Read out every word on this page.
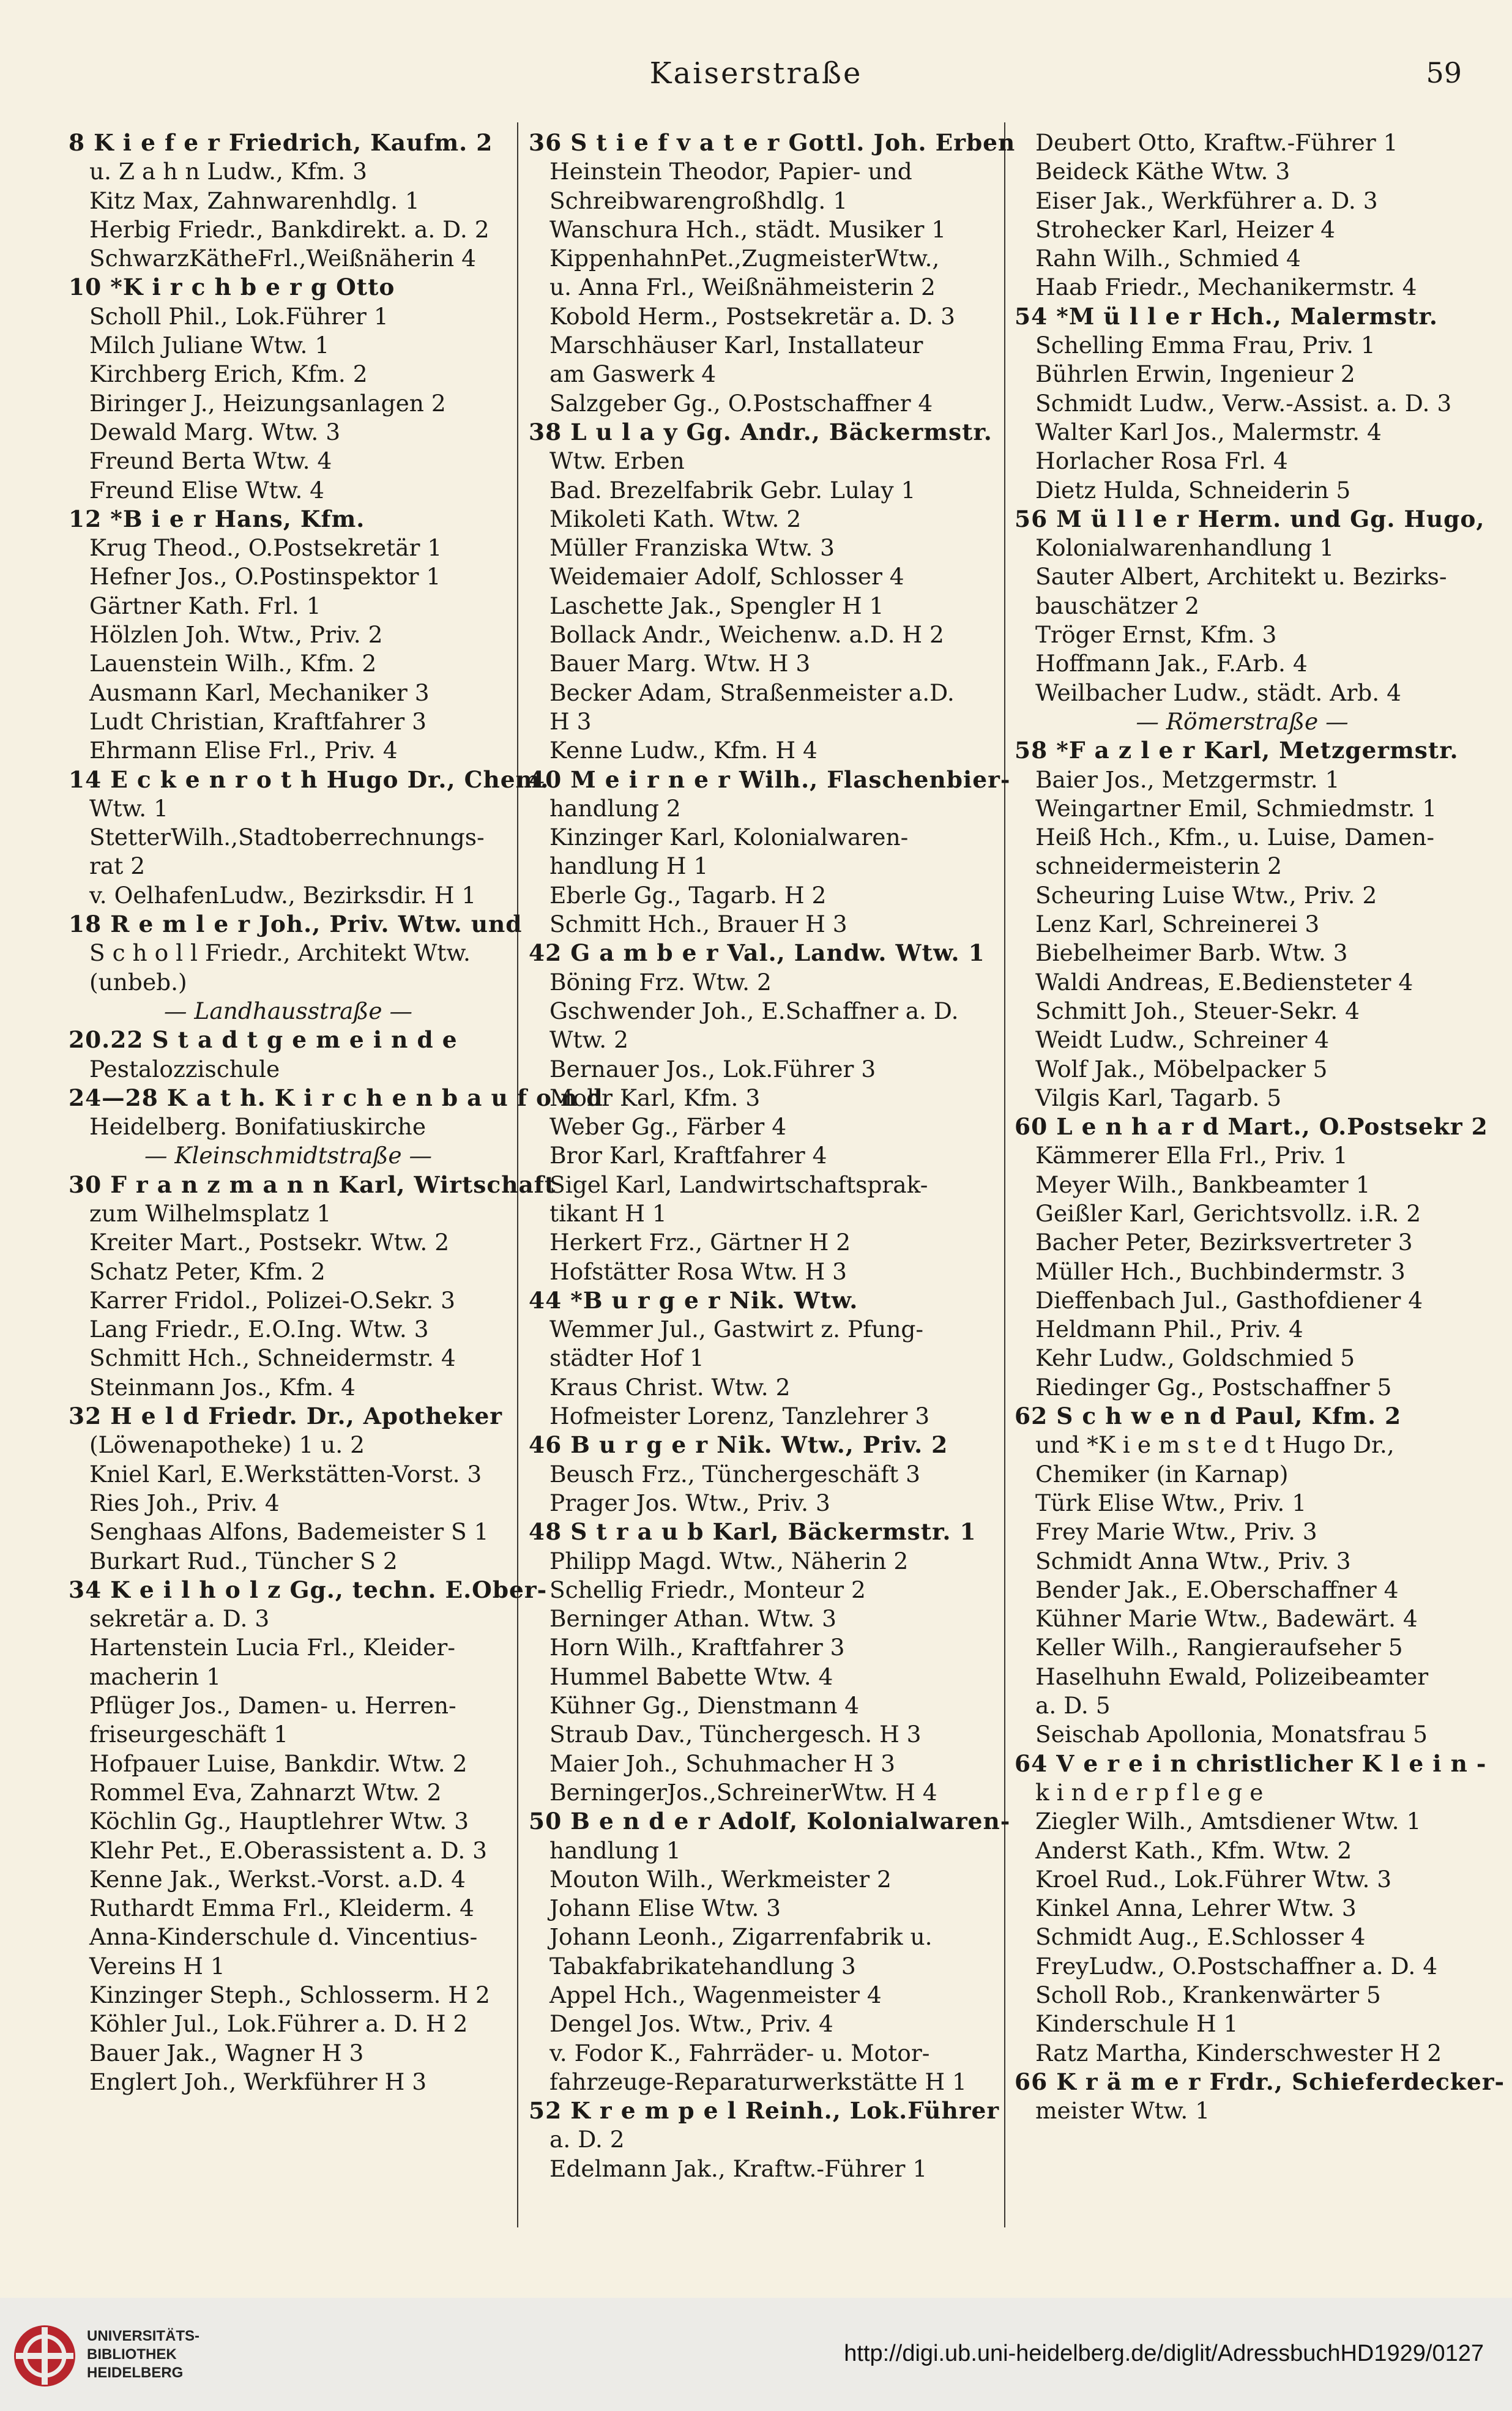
Kaiserstraße	59
8 K i e f e r Friedrich, Kaufm. 2
u. Z a h n Ludw., Kfm. 3
Kitz Max, Zahnwarenhdlg. 1
Herbig Friedr., Bankdirekt. a. D. 2
SchwarzKätheFrl.,Weißnäherin 4
10 *K i r c h b e r g Otto
Scholl Phil., Lok.Führer 1
Milch Juliane Wtw. 1
Kirchberg Erich, Kfm. 2
Biringer J., Heizungsanlagen 2
Dewald Marg. Wtw. 3
Freund Berta Wtw. 4
Freund Elise Wtw. 4
12 *B i e r Hans, Kfm.
Krug Theod., O.Postsekretär 1
Hefner Jos., O.Postinspektor 1
Gärtner Kath. Frl. 1
Hölzlen Joh. Wtw., Priv. 2
Lauenstein Wilh., Kfm. 2
Ausmann Karl, Mechaniker 3
Ludt Christian, Kraftfahrer 3
Ehrmann Elise Frl., Priv. 4
14 E c k e n r o t h Hugo Dr., Chem.
Wtw. 1
StetterWilh.,Stadtoberrechnungs-
rat 2
v. OelhafenLudw., Bezirksdir. H 1
18 R e m l e r Joh., Priv. Wtw. und
S c h o l l Friedr., Architekt Wtw.
(unbeb.)
— Landhausstraße —
20.22 S t a d t g e m e i n d e
Pestalozzischule
24—28 K a t h. K i r c h e n b a u f o n d
Heidelberg. Bonifatiuskirche
— Kleinschmidtstraße —
30 F r a n z m a n n Karl, Wirtschaft
zum Wilhelmsplatz 1
Kreiter Mart., Postsekr. Wtw. 2
Schatz Peter, Kfm. 2
Karrer Fridol., Polizei-O.Sekr. 3
Lang Friedr., E.O.Ing. Wtw. 3
Schmitt Hch., Schneidermstr. 4
Steinmann Jos., Kfm. 4
32 H e l d Friedr. Dr., Apotheker
(Löwenapotheke) 1 u. 2
Kniel Karl, E.Werkstätten-Vorst. 3
Ries Joh., Priv. 4
Senghaas Alfons, Bademeister S 1
Burkart Rud., Tüncher S 2
34 K e i l h o l z Gg., techn. E.Ober-
sekretär a. D. 3
Hartenstein Lucia Frl., Kleider-
macherin 1
Pflüger Jos., Damen- u. Herren-
friseurgeschäft 1
Hofpauer Luise, Bankdir. Wtw. 2
Rommel Eva, Zahnarzt Wtw. 2
Köchlin Gg., Hauptlehrer Wtw. 3
Klehr Pet., E.Oberassistent a. D. 3
Kenne Jak., Werkst.-Vorst. a.D. 4
Ruthardt Emma Frl., Kleiderm. 4
Anna-Kinderschule d. Vincentius-
Vereins H 1
Kinzinger Steph., Schlosserm. H 2
Köhler Jul., Lok.Führer a. D. H 2
Bauer Jak., Wagner H 3
Englert Joh., Werkführer H 3
36 S t i e f v a t e r Gottl. Joh. Erben
Heinstein Theodor, Papier- und
Schreibwarengroßhdlg. 1
Wanschura Hch., städt. Musiker 1
KippenhahnPet.,ZugmeisterWtw.,
u. Anna Frl., Weißnähmeisterin 2
Kobold Herm., Postsekretär a. D. 3
Marschhäuser Karl, Installateur
am Gaswerk 4
Salzgeber Gg., O.Postschaffner 4
38 L u l a y Gg. Andr., Bäckermstr.
Wtw. Erben
Bad. Brezelfabrik Gebr. Lulay 1
Mikoleti Kath. Wtw. 2
Müller Franziska Wtw. 3
Weidemaier Adolf, Schlosser 4
Laschette Jak., Spengler H 1
Bollack Andr., Weichenw. a.D. H 2
Bauer Marg. Wtw. H 3
Becker Adam, Straßenmeister a.D.
H 3
Kenne Ludw., Kfm. H 4
40 M e i r n e r Wilh., Flaschenbier-
handlung 2
Kinzinger Karl, Kolonialwaren-
handlung H 1
Eberle Gg., Tagarb. H 2
Schmitt Hch., Brauer H 3
42 G a m b e r Val., Landw. Wtw. 1
Böning Frz. Wtw. 2
Gschwender Joh., E.Schaffner a. D.
Wtw. 2
Bernauer Jos., Lok.Führer 3
Mohr Karl, Kfm. 3
Weber Gg., Färber 4
Bror Karl, Kraftfahrer 4
Sigel Karl, Landwirtschaftsprak-
tikant H 1
Herkert Frz., Gärtner H 2
Hofstätter Rosa Wtw. H 3
44 *B u r g e r Nik. Wtw.
Wemmer Jul., Gastwirt z. Pfung-
städter Hof 1
Kraus Christ. Wtw. 2
Hofmeister Lorenz, Tanzlehrer 3
46 B u r g e r Nik. Wtw., Priv. 2
Beusch Frz., Tünchergeschäft 3
Prager Jos. Wtw., Priv. 3
48 S t r a u b Karl, Bäckermstr. 1
Philipp Magd. Wtw., Näherin 2
Schellig Friedr., Monteur 2
Berninger Athan. Wtw. 3
Horn Wilh., Kraftfahrer 3
Hummel Babette Wtw. 4
Kühner Gg., Dienstmann 4
Straub Dav., Tünchergesch. H 3
Maier Joh., Schuhmacher H 3
BerningerJos.,SchreinerWtw. H 4
50 B e n d e r Adolf, Kolonialwaren-
handlung 1
Mouton Wilh., Werkmeister 2
Johann Elise Wtw. 3
Johann Leonh., Zigarrenfabrik u.
Tabakfabrikatehandlung 3
Appel Hch., Wagenmeister 4
Dengel Jos. Wtw., Priv. 4
v. Fodor K., Fahrräder- u. Motor-
fahrzeuge-Reparaturwerkstätte H 1
52 K r e m p e l Reinh., Lok.Führer
a. D. 2
Edelmann Jak., Kraftw.-Führer 1
Deubert Otto, Kraftw.-Führer 1
Beideck Käthe Wtw. 3
Eiser Jak., Werkführer a. D. 3
Strohecker Karl, Heizer 4
Rahn Wilh., Schmied 4
Haab Friedr., Mechanikermstr. 4
54 *M ü l l e r Hch., Malermstr.
Schelling Emma Frau, Priv. 1
Bührlen Erwin, Ingenieur 2
Schmidt Ludw., Verw.-Assist. a. D. 3
Walter Karl Jos., Malermstr. 4
Horlacher Rosa Frl. 4
Dietz Hulda, Schneiderin 5
56 M ü l l e r Herm. und Gg. Hugo,
Kolonialwarenhandlung 1
Sauter Albert, Architekt u. Bezirks-
bauschätzer 2
Tröger Ernst, Kfm. 3
Hoffmann Jak., F.Arb. 4
Weilbacher Ludw., städt. Arb. 4
— Römerstraße —
58 *F a z l e r Karl, Metzgermstr.
Baier Jos., Metzgermstr. 1
Weingartner Emil, Schmiedmstr. 1
Heiß Hch., Kfm., u. Luise, Damen-
schneidermeisterin 2
Scheuring Luise Wtw., Priv. 2
Lenz Karl, Schreinerei 3
Biebelheimer Barb. Wtw. 3
Waldi Andreas, E.Bediensteter 4
Schmitt Joh., Steuer-Sekr. 4
Weidt Ludw., Schreiner 4
Wolf Jak., Möbelpacker 5
Vilgis Karl, Tagarb. 5
60 L e n h a r d Mart., O.Postsekr 2
Kämmerer Ella Frl., Priv. 1
Meyer Wilh., Bankbeamter 1
Geißler Karl, Gerichtsvollz. i.R. 2
Bacher Peter, Bezirksvertreter 3
Müller Hch., Buchbindermstr. 3
Dieffenbach Jul., Gasthofdiener 4
Heldmann Phil., Priv. 4
Kehr Ludw., Goldschmied 5
Riedinger Gg., Postschaffner 5
62 S c h w e n d Paul, Kfm. 2
und *K i e m s t e d t Hugo Dr.,
Chemiker (in Karnap)
Türk Elise Wtw., Priv. 1
Frey Marie Wtw., Priv. 3
Schmidt Anna Wtw., Priv. 3
Bender Jak., E.Oberschaffner 4
Kühner Marie Wtw., Badewärt. 4
Keller Wilh., Rangieraufseher 5
Haselhuhn Ewald, Polizeibeamter
a. D. 5
Seischab Apollonia, Monatsfrau 5
64 V e r e i n christlicher K l e i n -
k i n d e r p f l e g e
Ziegler Wilh., Amtsdiener Wtw. 1
Anderst Kath., Kfm. Wtw. 2
Kroel Rud., Lok.Führer Wtw. 3
Kinkel Anna, Lehrer Wtw. 3
Schmidt Aug., E.Schlosser 4
FreyLudw., O.Postschaffner a. D. 4
Scholl Rob., Krankenwärter 5
Kinderschule H 1
Ratz Martha, Kinderschwester H 2
66 K r ä m e r Frdr., Schieferdecker-
meister Wtw. 1
UNIVERSITÄTS-
BIBLIOTHEK
HEIDELBERG
http://digi.ub.uni-heidelberg.de/diglit/AdressbuchHD1929/0127
